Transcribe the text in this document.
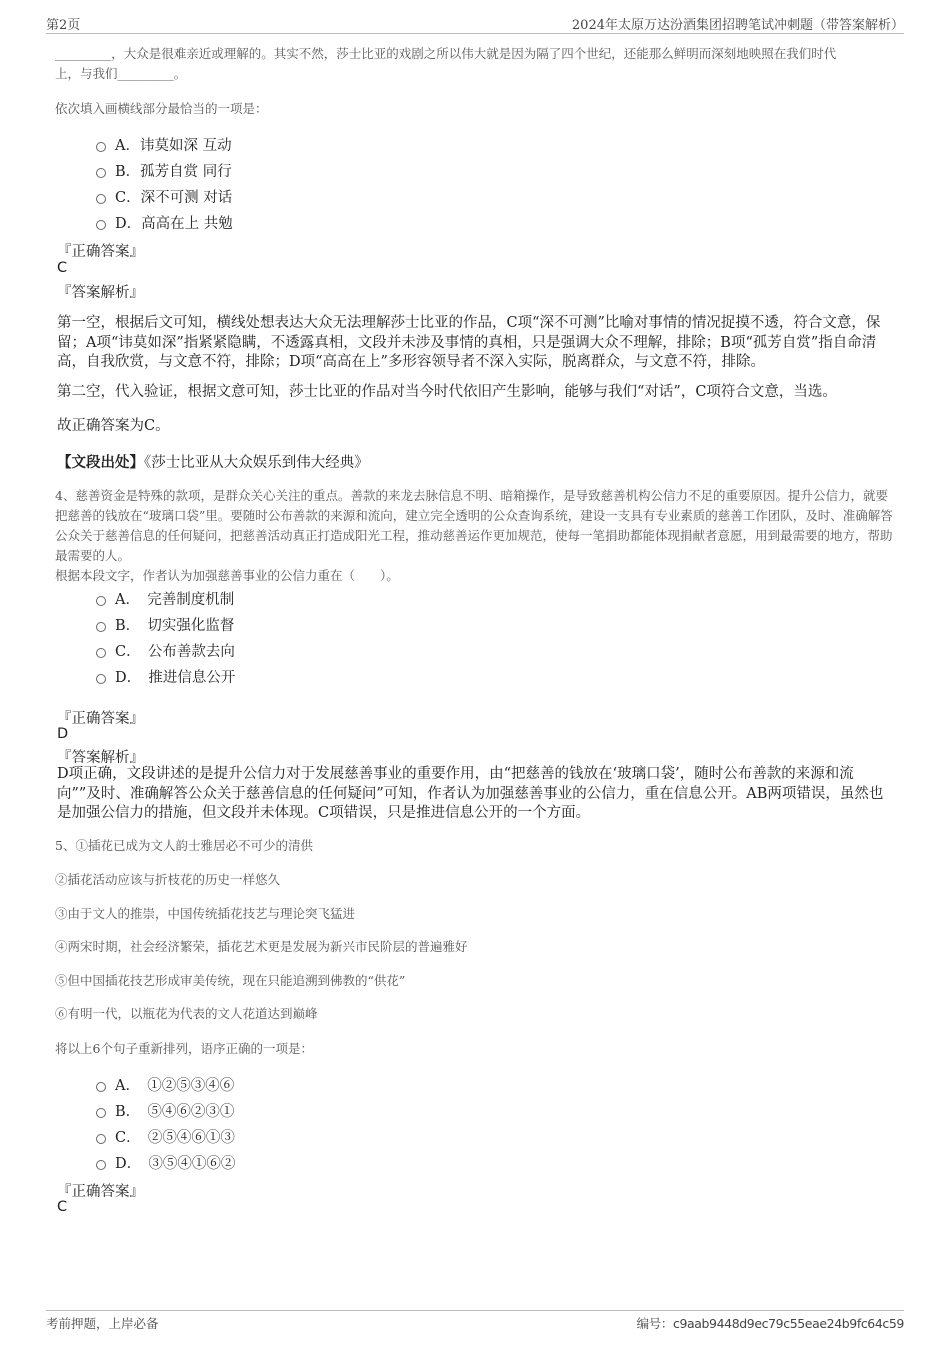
第2页	2024年太原万达汾酒集团招聘笔试冲刺题（带答案解析）
_________，大众是很难亲近或理解的。其实不然，莎士比亚的戏剧之所以伟大就是因为隔了四个世纪，还能那么鲜明而深刻地映照在我们时代
上，与我们_________。
依次填入画横线部分最恰当的一项是：
A．讳莫如深 互动
B．孤芳自赏 同行
C．深不可测 对话
D．高高在上 共勉
『正确答案』
C
『答案解析』
第一空，根据后文可知，横线处想表达大众无法理解莎士比亚的作品，C项“深不可测”比喻对事情的情况捉摸不透，符合文意，保留；A项“讳莫如深”指紧紧隐瞒，不透露真相，文段并未涉及事情的真相，只是强调大众不理解，排除；B项“孤芳自赏”指自命清高，自我欣赏，与文意不符，排除；D项“高高在上”多形容领导者不深入实际，脱离群众，与文意不符，排除。
第二空，代入验证，根据文意可知，莎士比亚的作品对当今时代依旧产生影响，能够与我们“对话”，C项符合文意，当选。
故正确答案为C。
【文段出处】《莎士比亚从大众娱乐到伟大经典》
4、慈善资金是特殊的款项，是群众关心关注的重点。善款的来龙去脉信息不明、暗箱操作，是导致慈善机构公信力不足的重要原因。提升公信力，就要把慈善的钱放在“玻璃口袋”里。要随时公布善款的来源和流向，建立完全透明的公众查询系统，建设一支具有专业素质的慈善工作团队，及时、准确解答公众关于慈善信息的任何疑问，把慈善活动真正打造成阳光工程，推动慈善运作更加规范，使每一笔捐助都能体现捐献者意愿，用到最需要的地方，帮助最需要的人。
根据本段文字，作者认为加强慈善事业的公信力重在（　　）。
A．　完善制度机制
B．　切实强化监督
C．　公布善款去向
D．　推进信息公开
『正确答案』
D
『答案解析』
D项正确，文段讲述的是提升公信力对于发展慈善事业的重要作用，由“把慈善的钱放在‘玻璃口袋’，随时公布善款的来源和流向””及时、准确解答公众关于慈善信息的任何疑问”可知，作者认为加强慈善事业的公信力，重在信息公开。AB两项错误，虽然也是加强公信力的措施，但文段并未体现。C项错误，只是推进信息公开的一个方面。
5、①插花已成为文人韵士雅居必不可少的清供
②插花活动应该与折枝花的历史一样悠久
③由于文人的推崇，中国传统插花技艺与理论突飞猛进
④两宋时期，社会经济繁荣，插花艺术更是发展为新兴市民阶层的普遍雅好
⑤但中国插花技艺形成审美传统，现在只能追溯到佛教的“供花”
⑥有明一代，以瓶花为代表的文人花道达到巅峰
将以上6个句子重新排列，语序正确的一项是：
A．　①②⑤③④⑥
B．　⑤④⑥②③①
C．　②⑤④⑥①③
D．　③⑤④①⑥②
『正确答案』
C
考前押题，上岸必备	编号：c9aab9448d9ec79c55eae24b9fc64c59
